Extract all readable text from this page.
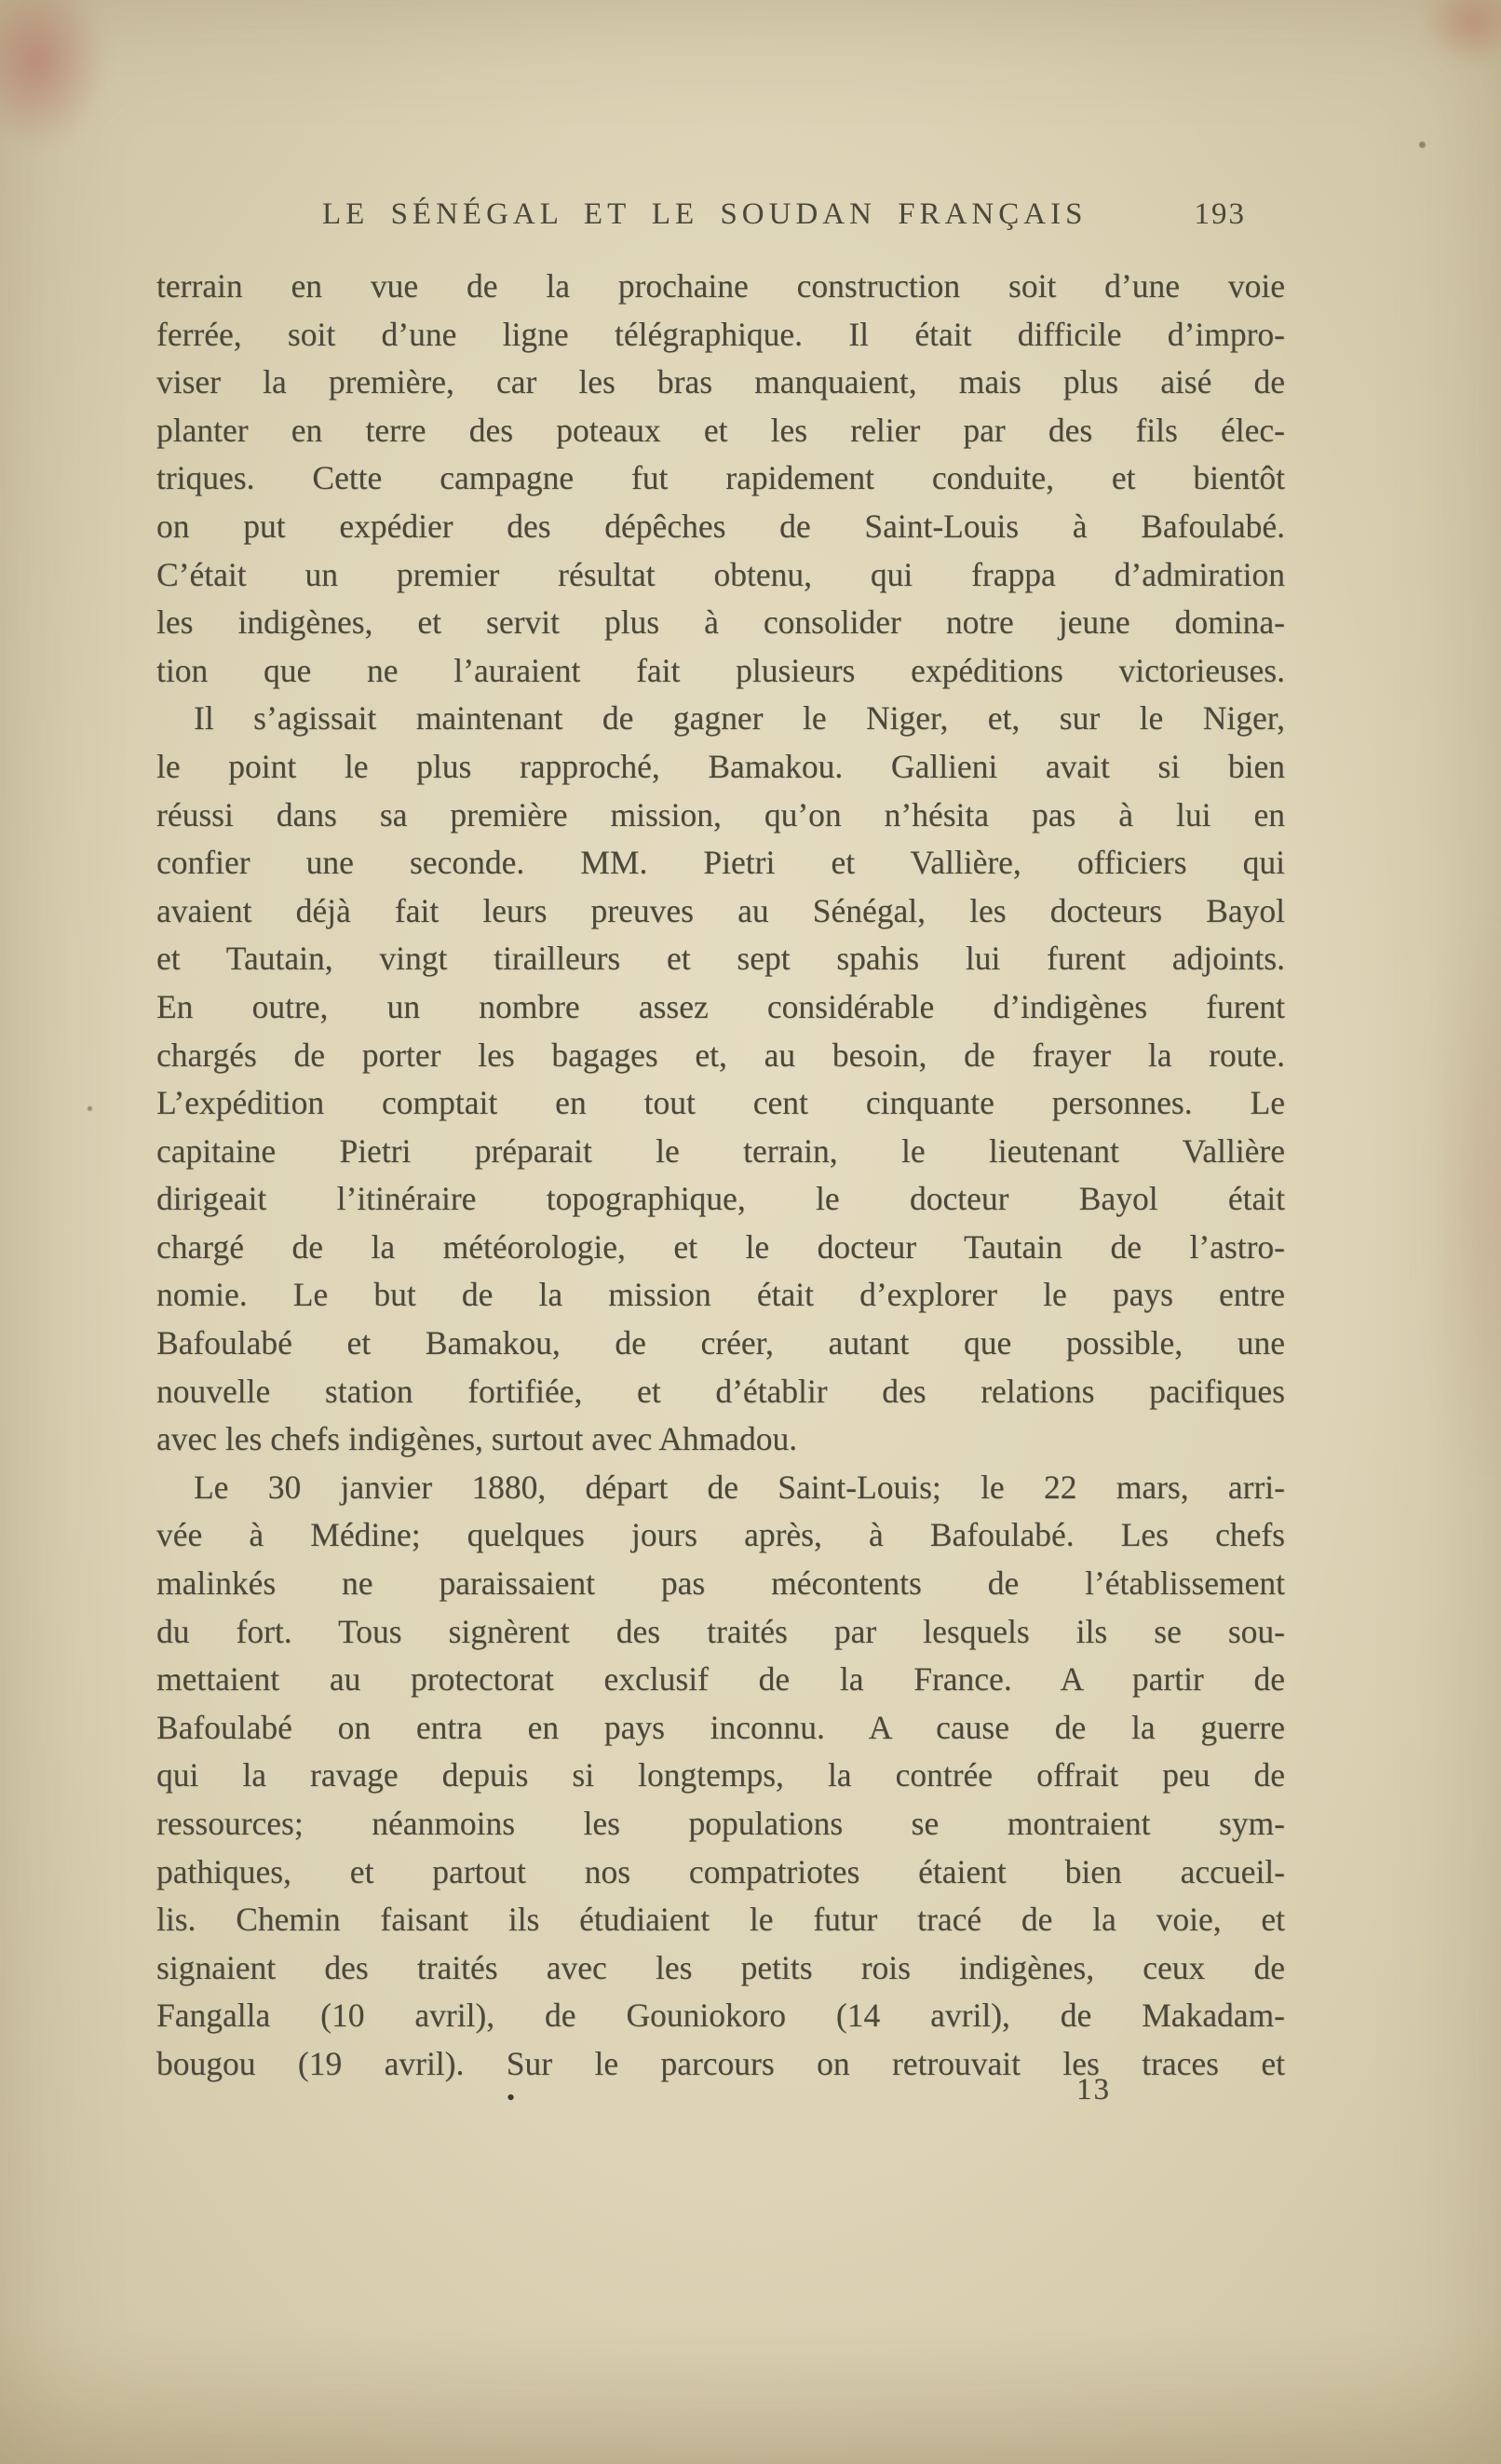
LE SÉNÉGAL ET LE SOUDAN FRANÇAIS	193
terrain en vue de la prochaine construction soit d’une voie
ferrée, soit d’une ligne télégraphique. Il était difficile d’impro-
viser la première, car les bras manquaient, mais plus aisé de
planter en terre des poteaux et les relier par des fils élec-
triques. Cette campagne fut rapidement conduite, et bientôt
on put expédier des dépêches de Saint-Louis à Bafoulabé.
C’était un premier résultat obtenu, qui frappa d’admiration
les indigènes, et servit plus à consolider notre jeune domina-
tion que ne l’auraient fait plusieurs expéditions victorieuses.
Il s’agissait maintenant de gagner le Niger, et, sur le Niger,
le point le plus rapproché, Bamakou. Gallieni avait si bien
réussi dans sa première mission, qu’on n’hésita pas à lui en
confier une seconde. MM. Pietri et Vallière, officiers qui
avaient déjà fait leurs preuves au Sénégal, les docteurs Bayol
et Tautain, vingt tirailleurs et sept spahis lui furent adjoints.
En outre, un nombre assez considérable d’indigènes furent
chargés de porter les bagages et, au besoin, de frayer la route.
L’expédition comptait en tout cent cinquante personnes. Le
capitaine Pietri préparait le terrain, le lieutenant Vallière
dirigeait l’itinéraire topographique, le docteur Bayol était
chargé de la météorologie, et le docteur Tautain de l’astro-
nomie. Le but de la mission était d’explorer le pays entre
Bafoulabé et Bamakou, de créer, autant que possible, une
nouvelle station fortifiée, et d’établir des relations pacifiques
avec les chefs indigènes, surtout avec Ahmadou.
Le 30 janvier 1880, départ de Saint-Louis; le 22 mars, arri-
vée à Médine; quelques jours après, à Bafoulabé. Les chefs
malinkés ne paraissaient pas mécontents de l’établissement
du fort. Tous signèrent des traités par lesquels ils se sou-
mettaient au protectorat exclusif de la France. A partir de
Bafoulabé on entra en pays inconnu. A cause de la guerre
qui la ravage depuis si longtemps, la contrée offrait peu de
ressources; néanmoins les populations se montraient sym-
pathiques, et partout nos compatriotes étaient bien accueil-
lis. Chemin faisant ils étudiaient le futur tracé de la voie, et
signaient des traités avec les petits rois indigènes, ceux de
Fangalla (10 avril), de Gouniokoro (14 avril), de Makadam-
bougou (19 avril). Sur le parcours on retrouvait les traces et
•	13
